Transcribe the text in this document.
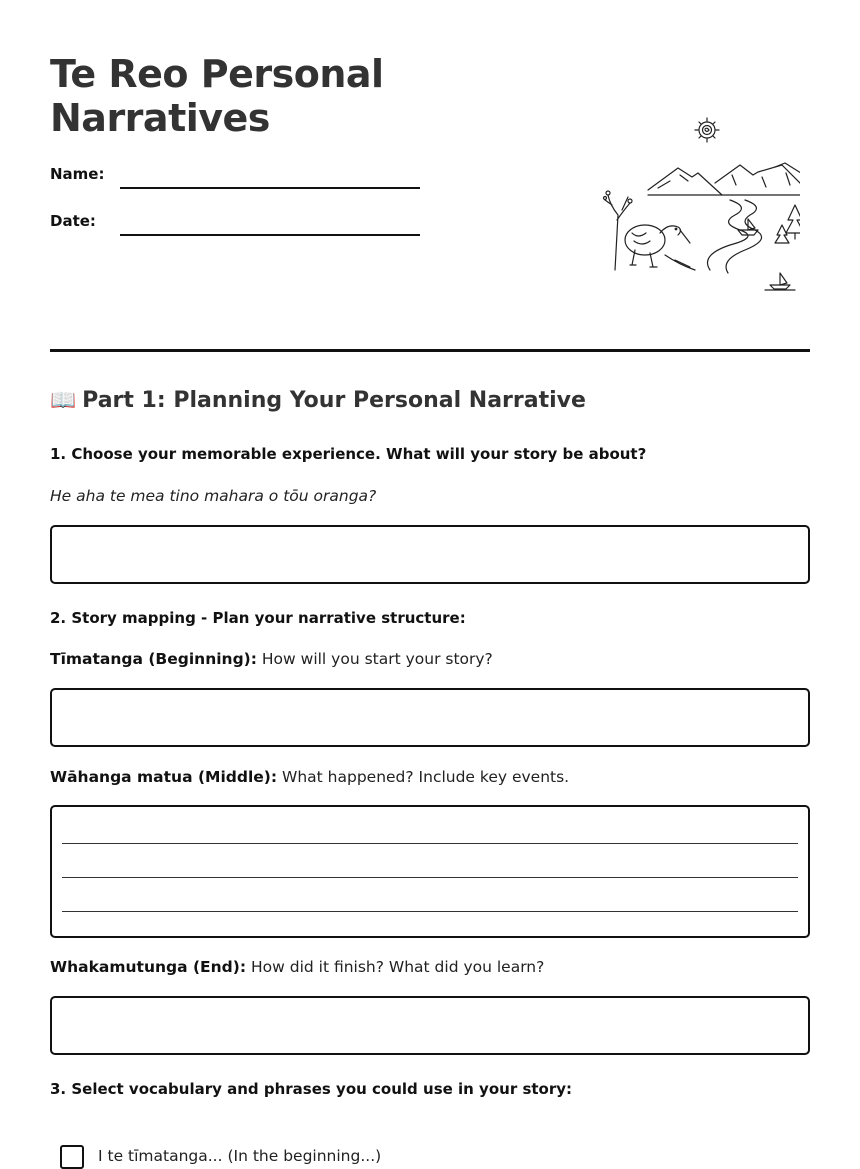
Te Reo Personal
Narratives
Name:
Date:
📖 Part 1: Planning Your Personal Narrative

1. Choose your memorable experience. What will your story be about?

He aha te mea tino mahara o tōu oranga?

2. Story mapping - Plan your narrative structure:

Tīmatanga (Beginning): How will you start your story?
Wāhanga matua (Middle): What happened? Include key events.
Whakamutunga (End): How did it finish? What did you learn?

3. Select vocabulary and phrases you could use in your story:

I te tīmatanga... (In the beginning...)
